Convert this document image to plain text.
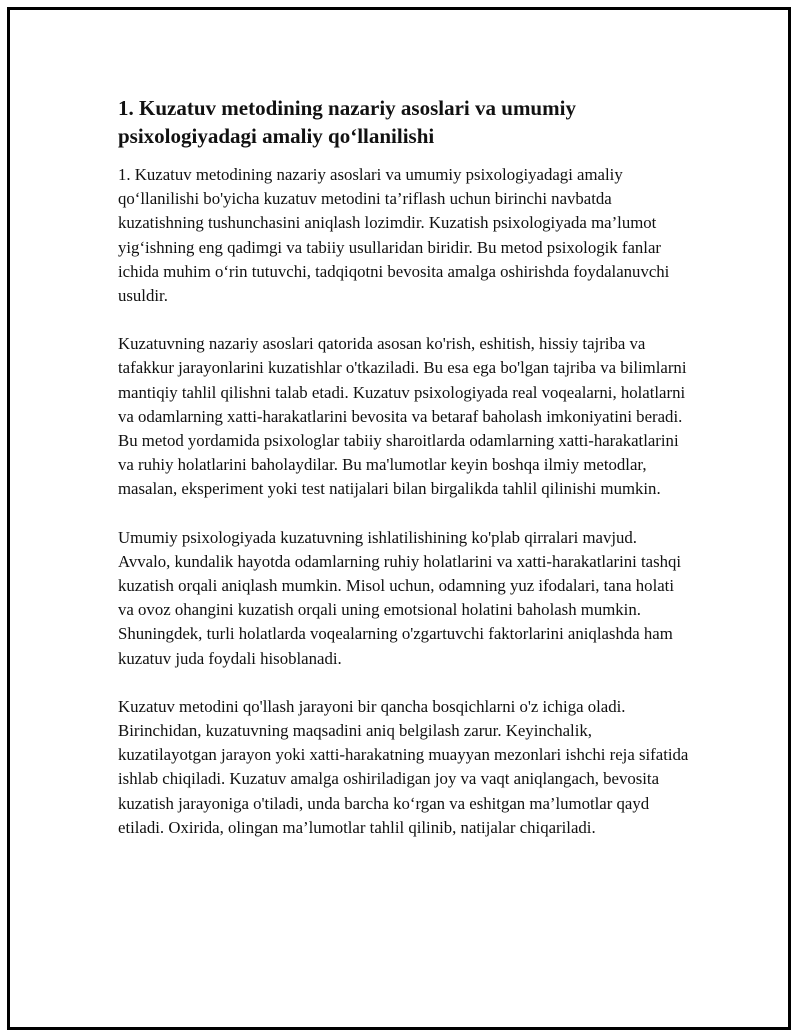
1. Kuzatuv metodining nazariy asoslari va umumiy psixologiyadagi amaliy qo‘llanilishi

1. Kuzatuv metodining nazariy asoslari va umumiy psixologiyadagi amaliy qo‘llanilishi bo'yicha kuzatuv metodini ta’riflash uchun birinchi navbatda kuzatishning tushunchasini aniqlash lozimdir. Kuzatish psixologiyada ma’lumot yig‘ishning eng qadimgi va tabiiy usullaridan biridir. Bu metod psixologik fanlar ichida muhim o‘rin tutuvchi, tadqiqotni bevosita amalga oshirishda foydalanuvchi usuldir.

Kuzatuvning nazariy asoslari qatorida asosan ko'rish, eshitish, hissiy tajriba va tafakkur jarayonlarini kuzatishlar o'tkaziladi. Bu esa ega bo'lgan tajriba va bilimlarni mantiqiy tahlil qilishni talab etadi. Kuzatuv psixologiyada real voqealarni, holatlarni va odamlarning xatti-harakatlarini bevosita va betaraf baholash imkoniyatini beradi. Bu metod yordamida psixologlar tabiiy sharoitlarda odamlarning xatti-harakatlarini va ruhiy holatlarini baholaydilar. Bu ma'lumotlar keyin boshqa ilmiy metodlar, masalan, eksperiment yoki test natijalari bilan birgalikda tahlil qilinishi mumkin.

Umumiy psixologiyada kuzatuvning ishlatilishining ko'plab qirralari mavjud. Avvalo, kundalik hayotda odamlarning ruhiy holatlarini va xatti-harakatlarini tashqi kuzatish orqali aniqlash mumkin. Misol uchun, odamning yuz ifodalari, tana holati va ovoz ohangini kuzatish orqali uning emotsional holatini baholash mumkin. Shuningdek, turli holatlarda voqealarning o'zgartuvchi faktorlarini aniqlashda ham kuzatuv juda foydali hisoblanadi.

Kuzatuv metodini qo'llash jarayoni bir qancha bosqichlarni o'z ichiga oladi. Birinchidan, kuzatuvning maqsadini aniq belgilash zarur. Keyinchalik, kuzatilayotgan jarayon yoki xatti-harakatning muayyan mezonlari ishchi reja sifatida ishlab chiqiladi. Kuzatuv amalga oshiriladigan joy va vaqt aniqlangach, bevosita kuzatish jarayoniga o'tiladi, unda barcha ko‘rgan va eshitgan ma’lumotlar qayd etiladi. Oxirida, olingan ma’lumotlar tahlil qilinib, natijalar chiqariladi.
